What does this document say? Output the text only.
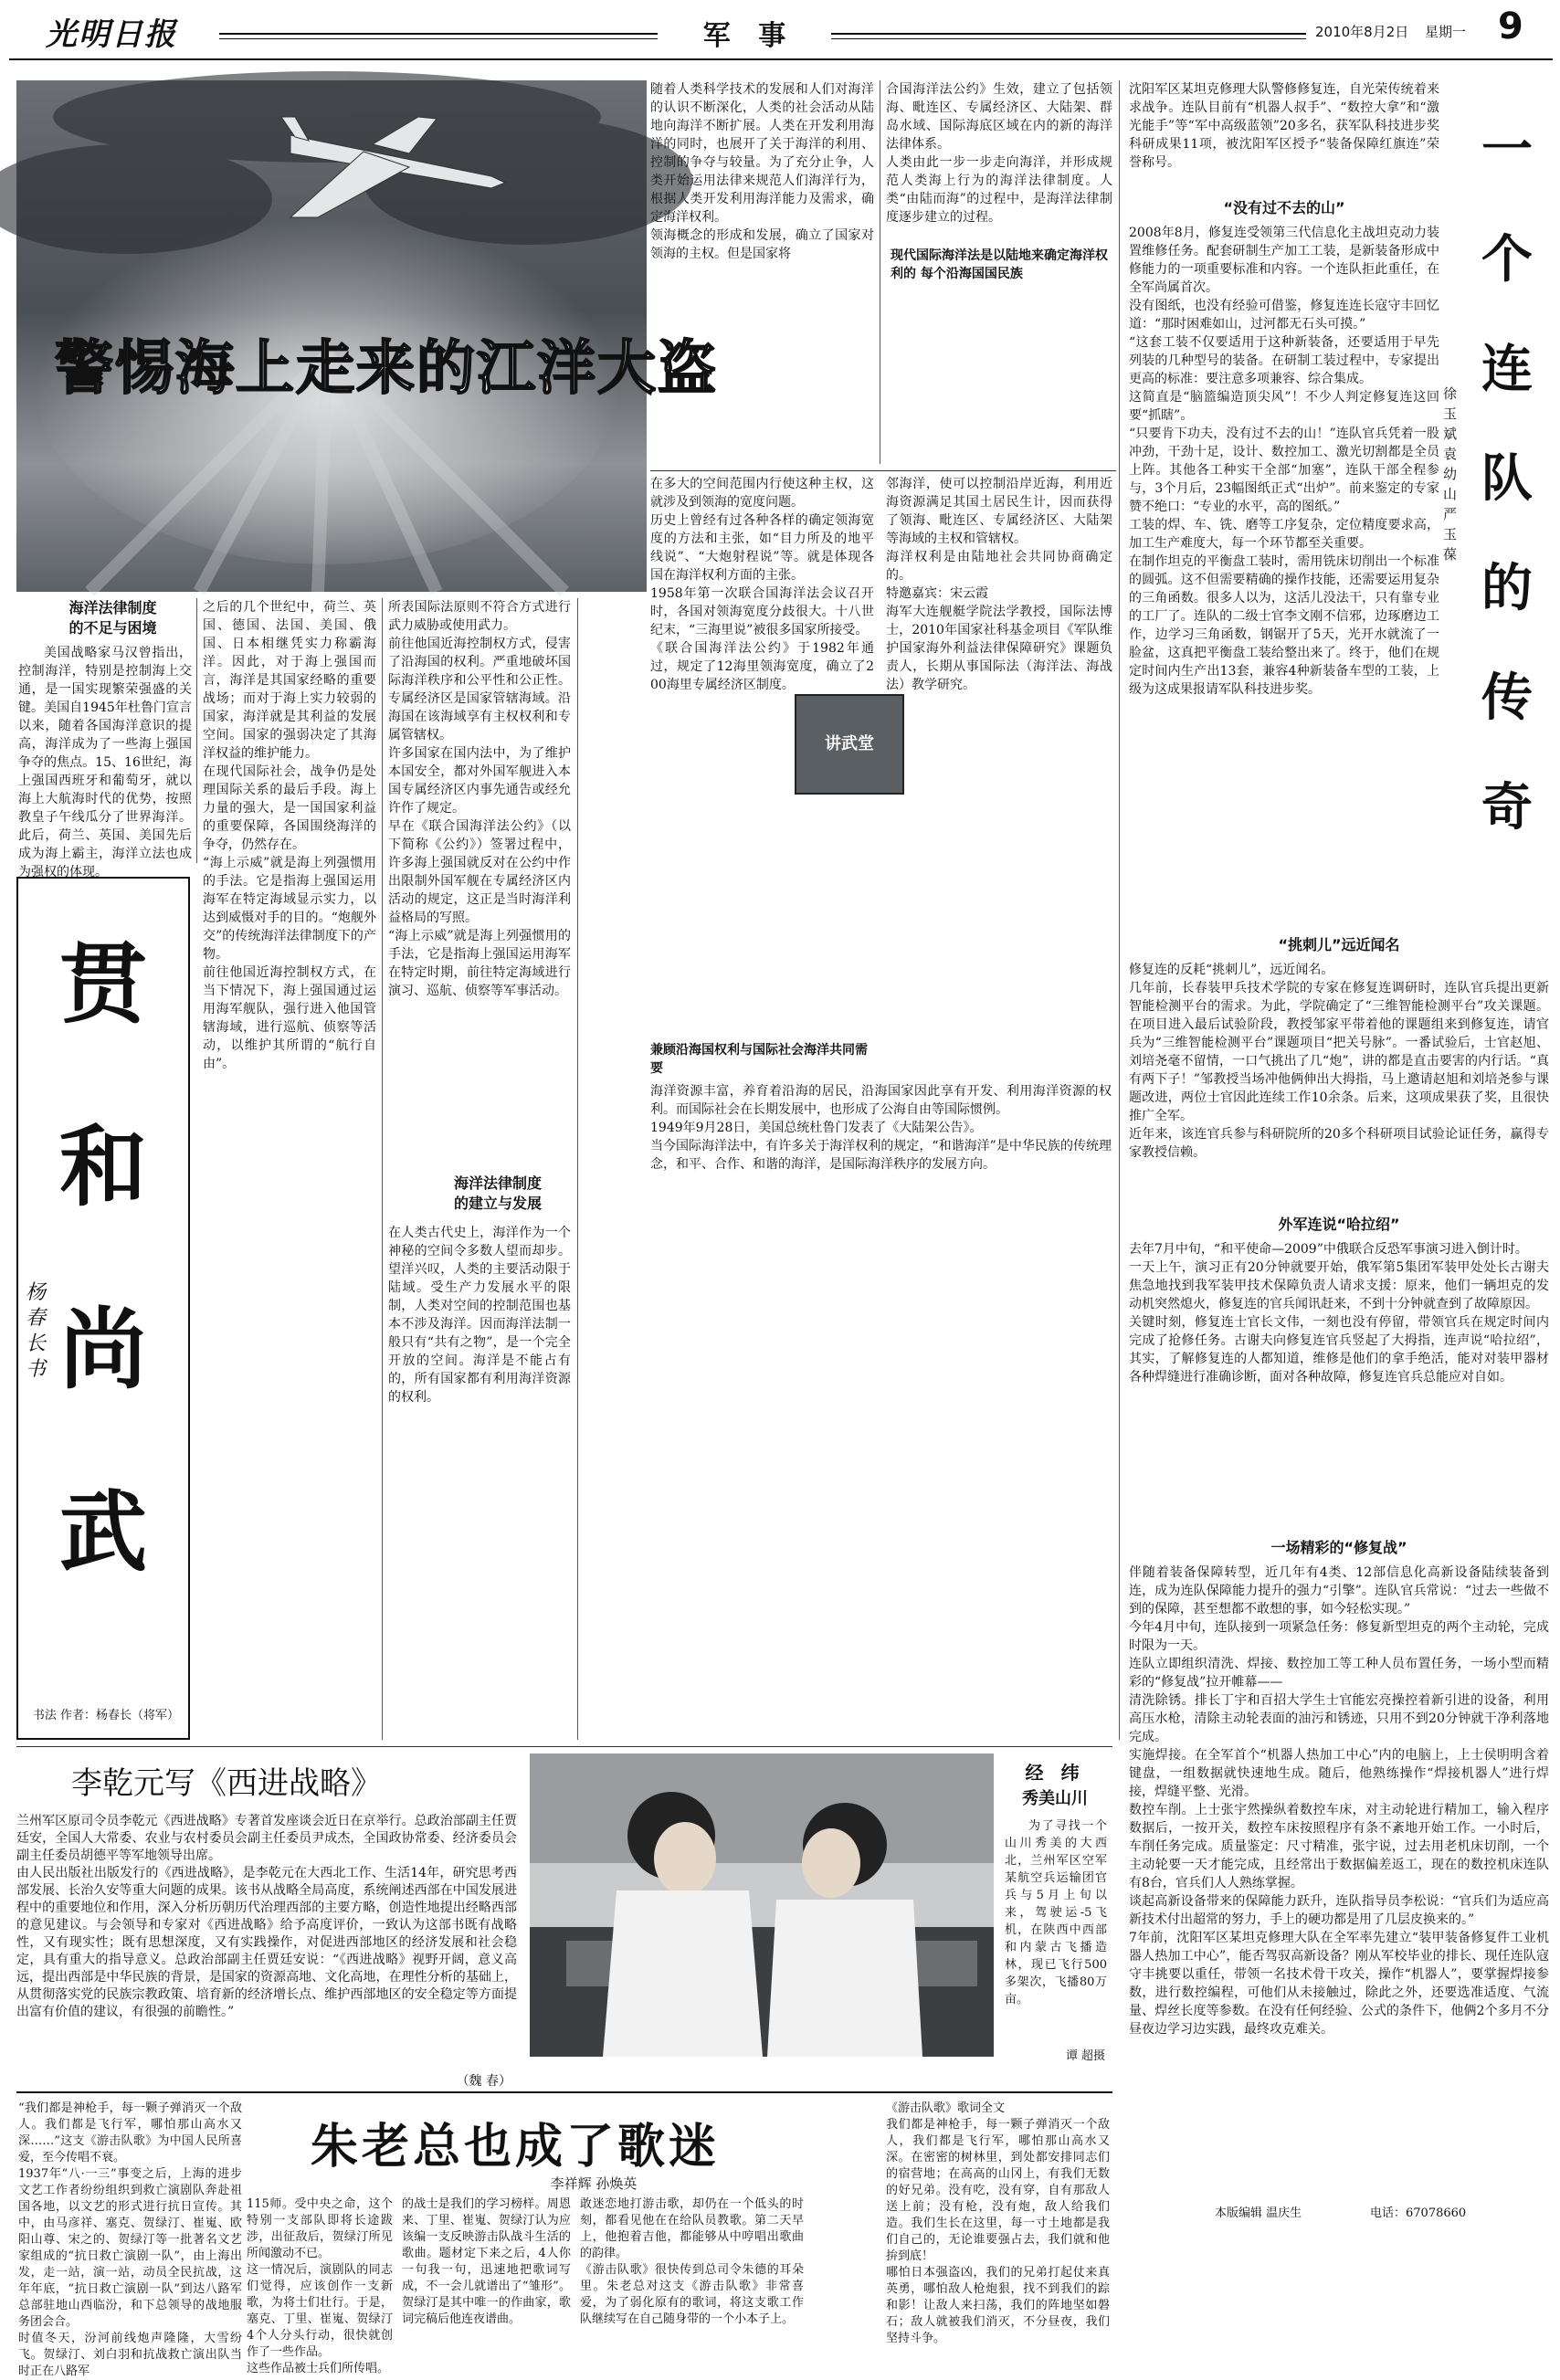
光明日报	军 事	2010年8月2日	星期一 9
警惕海上走来的江洋大盗
海洋法律制度
的不足与困境
美国战略家马汉曾指出，控制海洋，特别是控制海上交通，是一国实现繁荣强盛的关键。美国自1945年杜鲁门宣言以来，随着各国海洋意识的提高，海洋成为了一些海上强国争夺的焦点。15、16世纪，海上强国西班牙和葡萄牙，就以海上大航海时代的优势，按照教皇子午线瓜分了世界海洋。此后，荷兰、英国、美国先后成为海上霸主，海洋立法也成为强权的体现。
之后的几个世纪中，荷兰、英国、德国、法国、美国、俄国、日本相继凭实力称霸海洋。因此，对于海上强国而言，海洋是其国家经略的重要战场；而对于海上实力较弱的国家，海洋就是其利益的发展空间。国家的强弱决定了其海洋权益的维护能力。
在现代国际社会，战争仍是处理国际关系的最后手段。海上力量的强大，是一国国家利益的重要保障，各国围绕海洋的争夺，仍然存在。
“海上示威”就是海上列强惯用的手法。它是指海上强国运用海军在特定海域显示实力，以达到威慑对手的目的。“炮舰外交”的传统海洋法律制度下的产物。
前往他国近海控制权方式，在当下情况下，海上强国通过运用海军舰队，强行进入他国管辖海域，进行巡航、侦察等活动，以维护其所谓的“航行自由”。
所表国际法原则不符合方式进行武力威胁或使用武力。
前往他国近海控制权方式，侵害了沿海国的权利。严重地破坏国际海洋秩序和公平性和公正性。专属经济区是国家管辖海域。沿海国在该海域享有主权权利和专属管辖权。
许多国家在国内法中，为了维护本国安全，都对外国军舰进入本国专属经济区内事先通告或经允许作了规定。
早在《联合国海洋法公约》（以下简称《公约》）签署过程中，许多海上强国就反对在公约中作出限制外国军舰在专属经济区内活动的规定，这正是当时海洋利益格局的写照。
“海上示威”就是海上列强惯用的手法，它是指海上强国运用海军在特定时期，前往特定海域进行演习、巡航、侦察等军事活动。
海洋法律制度
的建立与发展
在人类古代史上，海洋作为一个神秘的空间令多数人望而却步。望洋兴叹，人类的主要活动限于陆域。受生产力发展水平的限制，人类对空间的控制范围也基本不涉及海洋。因而海洋法制一般只有“共有之物”，是一个完全开放的空间。海洋是不能占有的，所有国家都有利用海洋资源的权利。
随着人类科学技术的发展和人们对海洋的认识不断深化，人类的社会活动从陆地向海洋不断扩展。人类在开发利用海洋的同时，也展开了关于海洋的利用、控制的争夺与较量。为了充分止争，人类开始运用法律来规范人们海洋行为，根据人类开发利用海洋能力及需求，确定海洋权利。
领海概念的形成和发展，确立了国家对领海的主权。但是国家将
合国海洋法公约》生效，建立了包括领海、毗连区、专属经济区、大陆架、群岛水域、国际海底区域在内的新的海洋法律体系。
人类由此一步一步走向海洋，并形成规范人类海上行为的海洋法律制度。人类“由陆而海”的过程中，是海洋法律制度逐步建立的过程。
现代国际海洋法是以陆地来确定海洋权利的 每个沿海国国民族
在多大的空间范围内行使这种主权，这就涉及到领海的宽度问题。
历史上曾经有过各种各样的确定领海宽度的方法和主张，如“目力所及的地平线说”、“大炮射程说”等。就是体现各国在海洋权利方面的主张。
1958年第一次联合国海洋法会议召开时，各国对领海宽度分歧很大。十八世纪末，“三海里说”被很多国家所接受。
《联合国海洋法公约》于1982年通过，规定了12海里领海宽度，确立了200海里专属经济区制度。
讲武堂
邻海洋，使可以控制沿岸近海，利用近海资源满足其国土居民生计，因而获得了领海、毗连区、专属经济区、大陆架等海域的主权和管辖权。
海洋权利是由陆地社会共同协商确定的。
特邀嘉宾：宋云霞
海军大连舰艇学院法学教授，国际法博士，2010年国家社科基金项目《军队维护国家海外利益法律保障研究》课题负责人，长期从事国际法（海洋法、海战法）教学研究。
兼顾沿海国权利与国际社会海洋共同需要
海洋资源丰富，养育着沿海的居民，沿海国家因此享有开发、利用海洋资源的权利。而国际社会在长期发展中，也形成了公海自由等国际惯例。
1949年9月28日，美国总统杜鲁门发表了《大陆架公告》。
当今国际海洋法中，有许多关于海洋权利的规定，“和谐海洋”是中华民族的传统理念，和平、合作、和谐的海洋，是国际海洋秩序的发展方向。
贯
和
尚
武
杨春长书
书法 作者：杨春长（将军）
沈阳军区某坦克修理大队警修修复连，自光荣传统着来求战争。连队目前有“机器人叔手”、“数控大拿”和“激光能手”等“军中高级蓝领”20多名，获军队科技进步奖科研成果11项，被沈阳军区授予“装备保障红旗连”荣誉称号。	一
个
连
队
的
传
奇
徐玉斌 袁幼山 严玉葆
“没有过不去的山”
2008年8月，修复连受领第三代信息化主战坦克动力装置维修任务。配套研制生产加工工装，是新装备形成中修能力的一项重要标准和内容。一个连队拒此重任，在全军尚属首次。
没有图纸，也没有经验可借鉴，修复连连长寇守丰回忆道：“那时困难如山，过河都无石头可摸。”
“这套工装不仅要适用于这种新装备，还要适用于早先列装的几种型号的装备。在研制工装过程中，专家提出更高的标准：要注意多项兼容、综合集成。
这简直是“脑篮编造顶尖风”！不少人判定修复连这回要“抓瞎”。
“只要肯下功夫，没有过不去的山！”连队官兵凭着一股冲劲，干劲十足，设计、数控加工、激光切割都是全员上阵。其他各工种实干全部“加塞”，连队干部全程参与，3个月后，23幅图纸正式“出炉”。前来鉴定的专家赞不绝口：“专业的水平，高的图纸。”
工装的焊、车、铣、磨等工序复杂，定位精度要求高，加工生产难度大，每一个环节都至关重要。
在制作坦克的平衡盘工装时，需用铣床切削出一个标准的圆弧。这不但需要精确的操作技能，还需要运用复杂的三角函数。很多人以为，这活儿没法干，只有靠专业的工厂了。连队的二级士官李文刚不信邪，边琢磨边工作，边学习三角函数，钢锯开了5天，光开水就流了一脸盆，这真把平衡盘工装给整出来了。终于，他们在规定时间内生产出13套，兼容4种新装备车型的工装，上级为这成果报请军队科技进步奖。
“挑刺儿”远近闻名
修复连的反耗“挑刺儿”，远近闻名。
几年前，长春装甲兵技术学院的专家在修复连调研时，连队官兵提出更新智能检测平台的需求。为此，学院确定了“三维智能检测平台”攻关课题。在项目进入最后试验阶段，教授邹家平带着他的课题组来到修复连，请官兵为“三维智能检测平台”课题项目“把关号脉”。一番试验后，士官赵旭、刘培尧毫不留情，一口气挑出了几“炮”，讲的都是直击要害的内行话。“真有两下子！”邹教授当场冲他俩伸出大拇指，马上邀请赵旭和刘培尧参与课题改进，两位士官因此连续工作10余条。后来，这项成果获了奖，且很快推广全军。
近年来，该连官兵参与科研院所的20多个科研项目试验论证任务，赢得专家教授信赖。
外军连说“哈拉绍”
去年7月中旬，“和平使命—2009”中俄联合反恐军事演习进入倒计时。
一天上午，演习正有20分钟就要开始，俄军第5集团军装甲处处长古谢夫焦急地找到我军装甲技术保障负责人请求支援：原来，他们一辆坦克的发动机突然熄火，修复连的官兵闻讯赶来，不到十分钟就查到了故障原因。
关键时刻，修复连士官长文伟，一刻也没有停留，带领官兵在规定时间内完成了抢修任务。古谢夫向修复连官兵竖起了大拇指，连声说“哈拉绍”，其实，了解修复连的人都知道，维修是他们的拿手绝活，能对对装甲器材各种焊缝进行准确诊断，面对各种故障，修复连官兵总能应对自如。
一场精彩的“修复战”
伴随着装备保障转型，近几年有4类、12部信息化高新设备陆续装备到连，成为连队保障能力提升的强力“引擎”。连队官兵常说：“过去一些做不到的保障，甚至想都不敢想的事，如今轻松实现。”
今年4月中旬，连队接到一项紧急任务：修复新型坦克的两个主动轮，完成时限为一天。
连队立即组织清洗、焊接、数控加工等工种人员布置任务，一场小型而精彩的“修复战”拉开帷幕——
清洗除锈。排长丁宇和百招大学生士官能宏亮操控着新引进的设备，利用高压水枪，清除主动轮表面的油污和锈迹，只用不到20分钟就干净利落地完成。
实施焊接。在全军首个“机器人热加工中心”内的电脑上，上士侯明明含着键盘，一组数据就快速地生成。随后，他熟练操作“焊接机器人”进行焊接，焊缝平整、光滑。
数控车削。上士张宇然操纵着数控车床，对主动轮进行精加工，输入程序数据后，一按开关，数控车床按照程序有条不紊地开始工作。一小时后，车削任务完成。质量鉴定：尺寸精准，张宇说，过去用老机床切削，一个主动轮要一天才能完成，且经常出于数据偏差返工，现在的数控机床连队有8台，官兵们人人熟练掌握。
谈起高新设备带来的保障能力跃升，连队指导员李松说：“官兵们为适应高新技术付出超常的努力，手上的硬功都是用了几层皮换来的。”
7年前，沈阳军区某坦克修理大队在全军率先建立“装甲装备修复件工业机器人热加工中心”，能否驾驭高新设备？刚从军校毕业的排长、现任连队寇守丰挑要以重任，带领一名技术骨干攻关，操作“机器人”，要掌握焊接参数，进行数控编程，可他们从未接触过，除此之外，还要选准适度、气流量、焊丝长度等参数。在没有任何经验、公式的条件下，他俩2个多月不分昼夜边学习边实践，最终攻克难关。
李乾元写《西进战略》
兰州军区原司令员李乾元《西进战略》专著首发座谈会近日在京举行。总政治部副主任贾廷安，全国人大常委、农业与农村委员会副主任委员尹成杰，全国政协常委、经济委员会副主任委员胡德平等军地领导出席。
由人民出版社出版发行的《西进战略》，是李乾元在大西北工作、生活14年，研究思考西部发展、长治久安等重大问题的成果。该书从战略全局高度，系统阐述西部在中国发展进程中的重要地位和作用，深入分析历朝历代治理西部的主要方略，创造性地提出经略西部的意见建议。与会领导和专家对《西进战略》给予高度评价，一致认为这部书既有战略性，又有现实性；既有思想深度，又有实践操作，对促进西部地区的经济发展和社会稳定，具有重大的指导意义。总政治部副主任贾廷安说：“《西进战略》视野开阔，意义高远，提出西部是中华民族的背景，是国家的资源高地、文化高地，在理性分析的基础上，从贯彻落实党的民族宗教政策、培育新的经济增长点、维护西部地区的安全稳定等方面提出富有价值的建议，有很强的前瞻性。”
（魏 春）
经 纬
秀美山川
为了寻找一个山川秀美的大西北，兰州军区空军某航空兵运输团官兵与5月上旬以来，驾驶运-5飞机，在陕西中西部和内蒙古飞播造林，现已飞行500多架次，飞播80万亩。
谭 超摄
朱老总也成了歌迷
李祥辉 孙焕英
“我们都是神枪手，每一颗子弹消灭一个敌人。我们都是飞行军，哪怕那山高水又深……”这支《游击队歌》为中国人民所喜爱，至今传唱不衰。
1937年“八·一三”事变之后，上海的进步文艺工作者纷纷组织到救亡演剧队奔赴祖国各地，以文艺的形式进行抗日宣传。其中，由马彦祥、塞克、贺绿汀、崔嵬、欧阳山尊、宋之的、贺绿汀等一批著名文艺家组成的“抗日救亡演剧一队”，由上海出发，走一站，演一站，动员全民抗战，这年年底，“抗日救亡演剧一队”到达八路军总部驻地山西临汾，和下总领导的战地服务团会合。
时值冬天，汾河前线炮声隆隆，大雪纷飞。贺绿汀、刘白羽和抗战救亡演出队当时正在八路军
115师。受中央之命，这个特别一支部队即将长途跋涉，出征敌后，贺绿汀所见所闻激动不已。
这一情况后，演剧队的同志们觉得，应该创作一支新歌，为将士们壮行。于是，塞克、丁里、崔嵬、贺绿汀4个人分头行动，很快就创作了一些作品。
这些作品被士兵们所传唱。
的战士是我们的学习榜样。周恩来、丁里、崔嵬、贺绿汀认为应该编一支反映游击队战斗生活的歌曲。题材定下来之后，4人你一句我一句，迅速地把歌词写成，不一会儿就谱出了“雏形”。贺绿汀是其中唯一的作曲家，歌词完稿后他连夜谱曲。
敢迷恋地打游击歌，却仍在一个低头的时刻，都看见他在在给队员教歌。第二天早上，他抱着吉他，都能够从中哼唱出歌曲的韵律。
《游击队歌》很快传到总司令朱德的耳朵里。朱老总对这支《游击队歌》非常喜爱，为了弱化原有的歌词，将这支歌工作队继续写在自己随身带的一个小本子上。
《游击队歌》歌词全文
我们都是神枪手，每一颗子弹消灭一个敌人，我们都是飞行军，哪怕那山高水又深。在密密的树林里，到处都安排同志们的宿营地；在高高的山冈上，有我们无数的好兄弟。没有吃，没有穿，自有那敌人送上前；没有枪，没有炮，敌人给我们造。我们生长在这里，每一寸土地都是我们自己的，无论谁要强占去，我们就和他拚到底！
哪怕日本强盗凶，我们的兄弟打起仗来真英勇，哪怕敌人枪炮狠，找不到我们的踪和影！让敌人来扫荡，我们的阵地坚如磐石；敌人就被我们消灭，不分昼夜，我们坚持斗争。
本版编辑 温庆生	电话：67078660
